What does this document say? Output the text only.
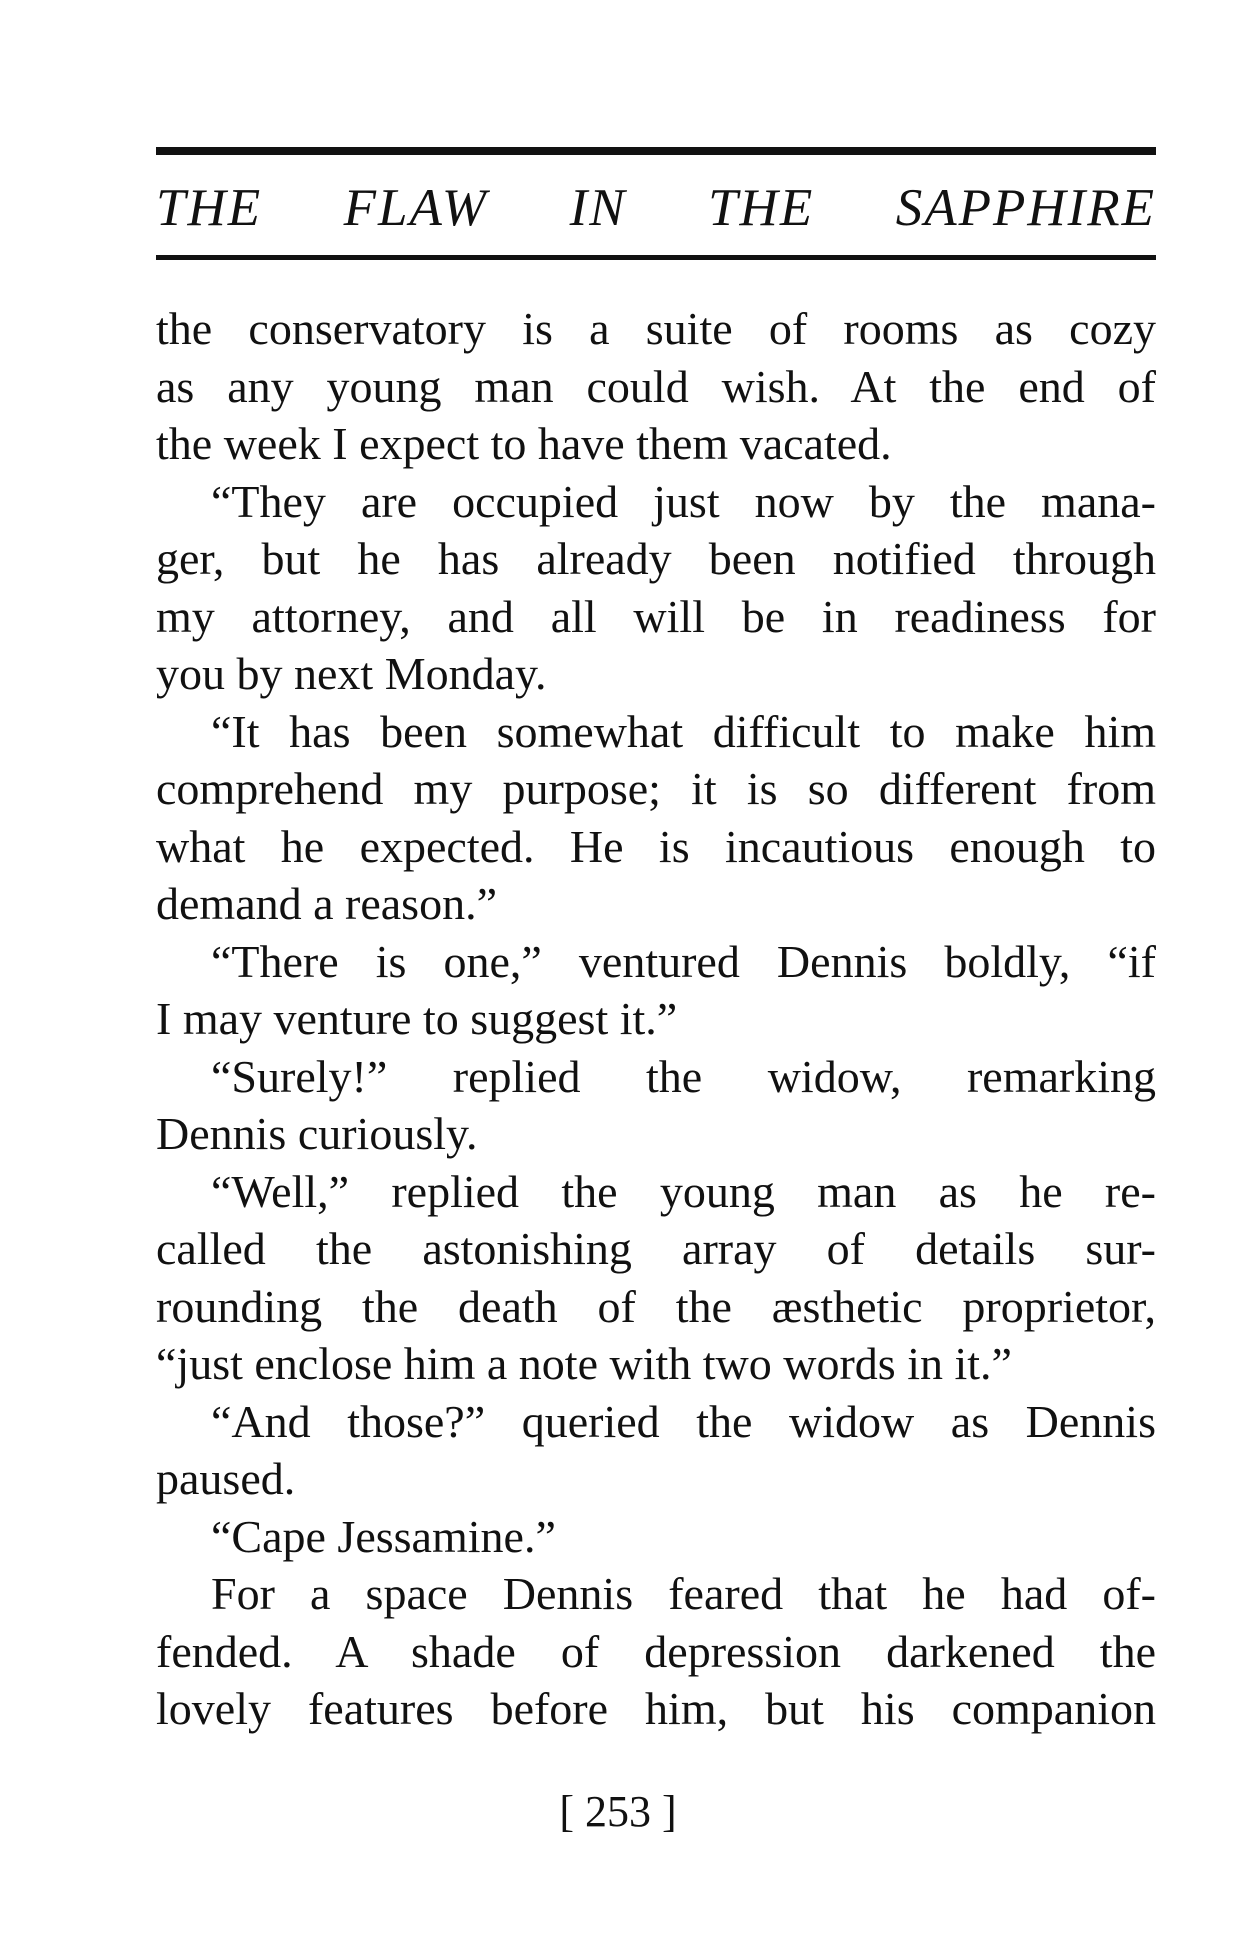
THE FLAW IN THE SAPPHIRE
the conservatory is a suite of rooms as cozy
as any young man could wish. At the end of
the week I expect to have them vacated.
“They are occupied just now by the mana-
ger, but he has already been notified through
my attorney, and all will be in readiness for
you by next Monday.
“It has been somewhat difficult to make him
comprehend my purpose; it is so different from
what he expected. He is incautious enough to
demand a reason.”
“There is one,” ventured Dennis boldly, “if
I may venture to suggest it.”
“Surely!” replied the widow, remarking
Dennis curiously.
“Well,” replied the young man as he re-
called the astonishing array of details sur-
rounding the death of the æsthetic proprietor,
“just enclose him a note with two words in it.”
“And those?” queried the widow as Dennis
paused.
“Cape Jessamine.”
For a space Dennis feared that he had of-
fended. A shade of depression darkened the
lovely features before him, but his companion
[ 253 ]
